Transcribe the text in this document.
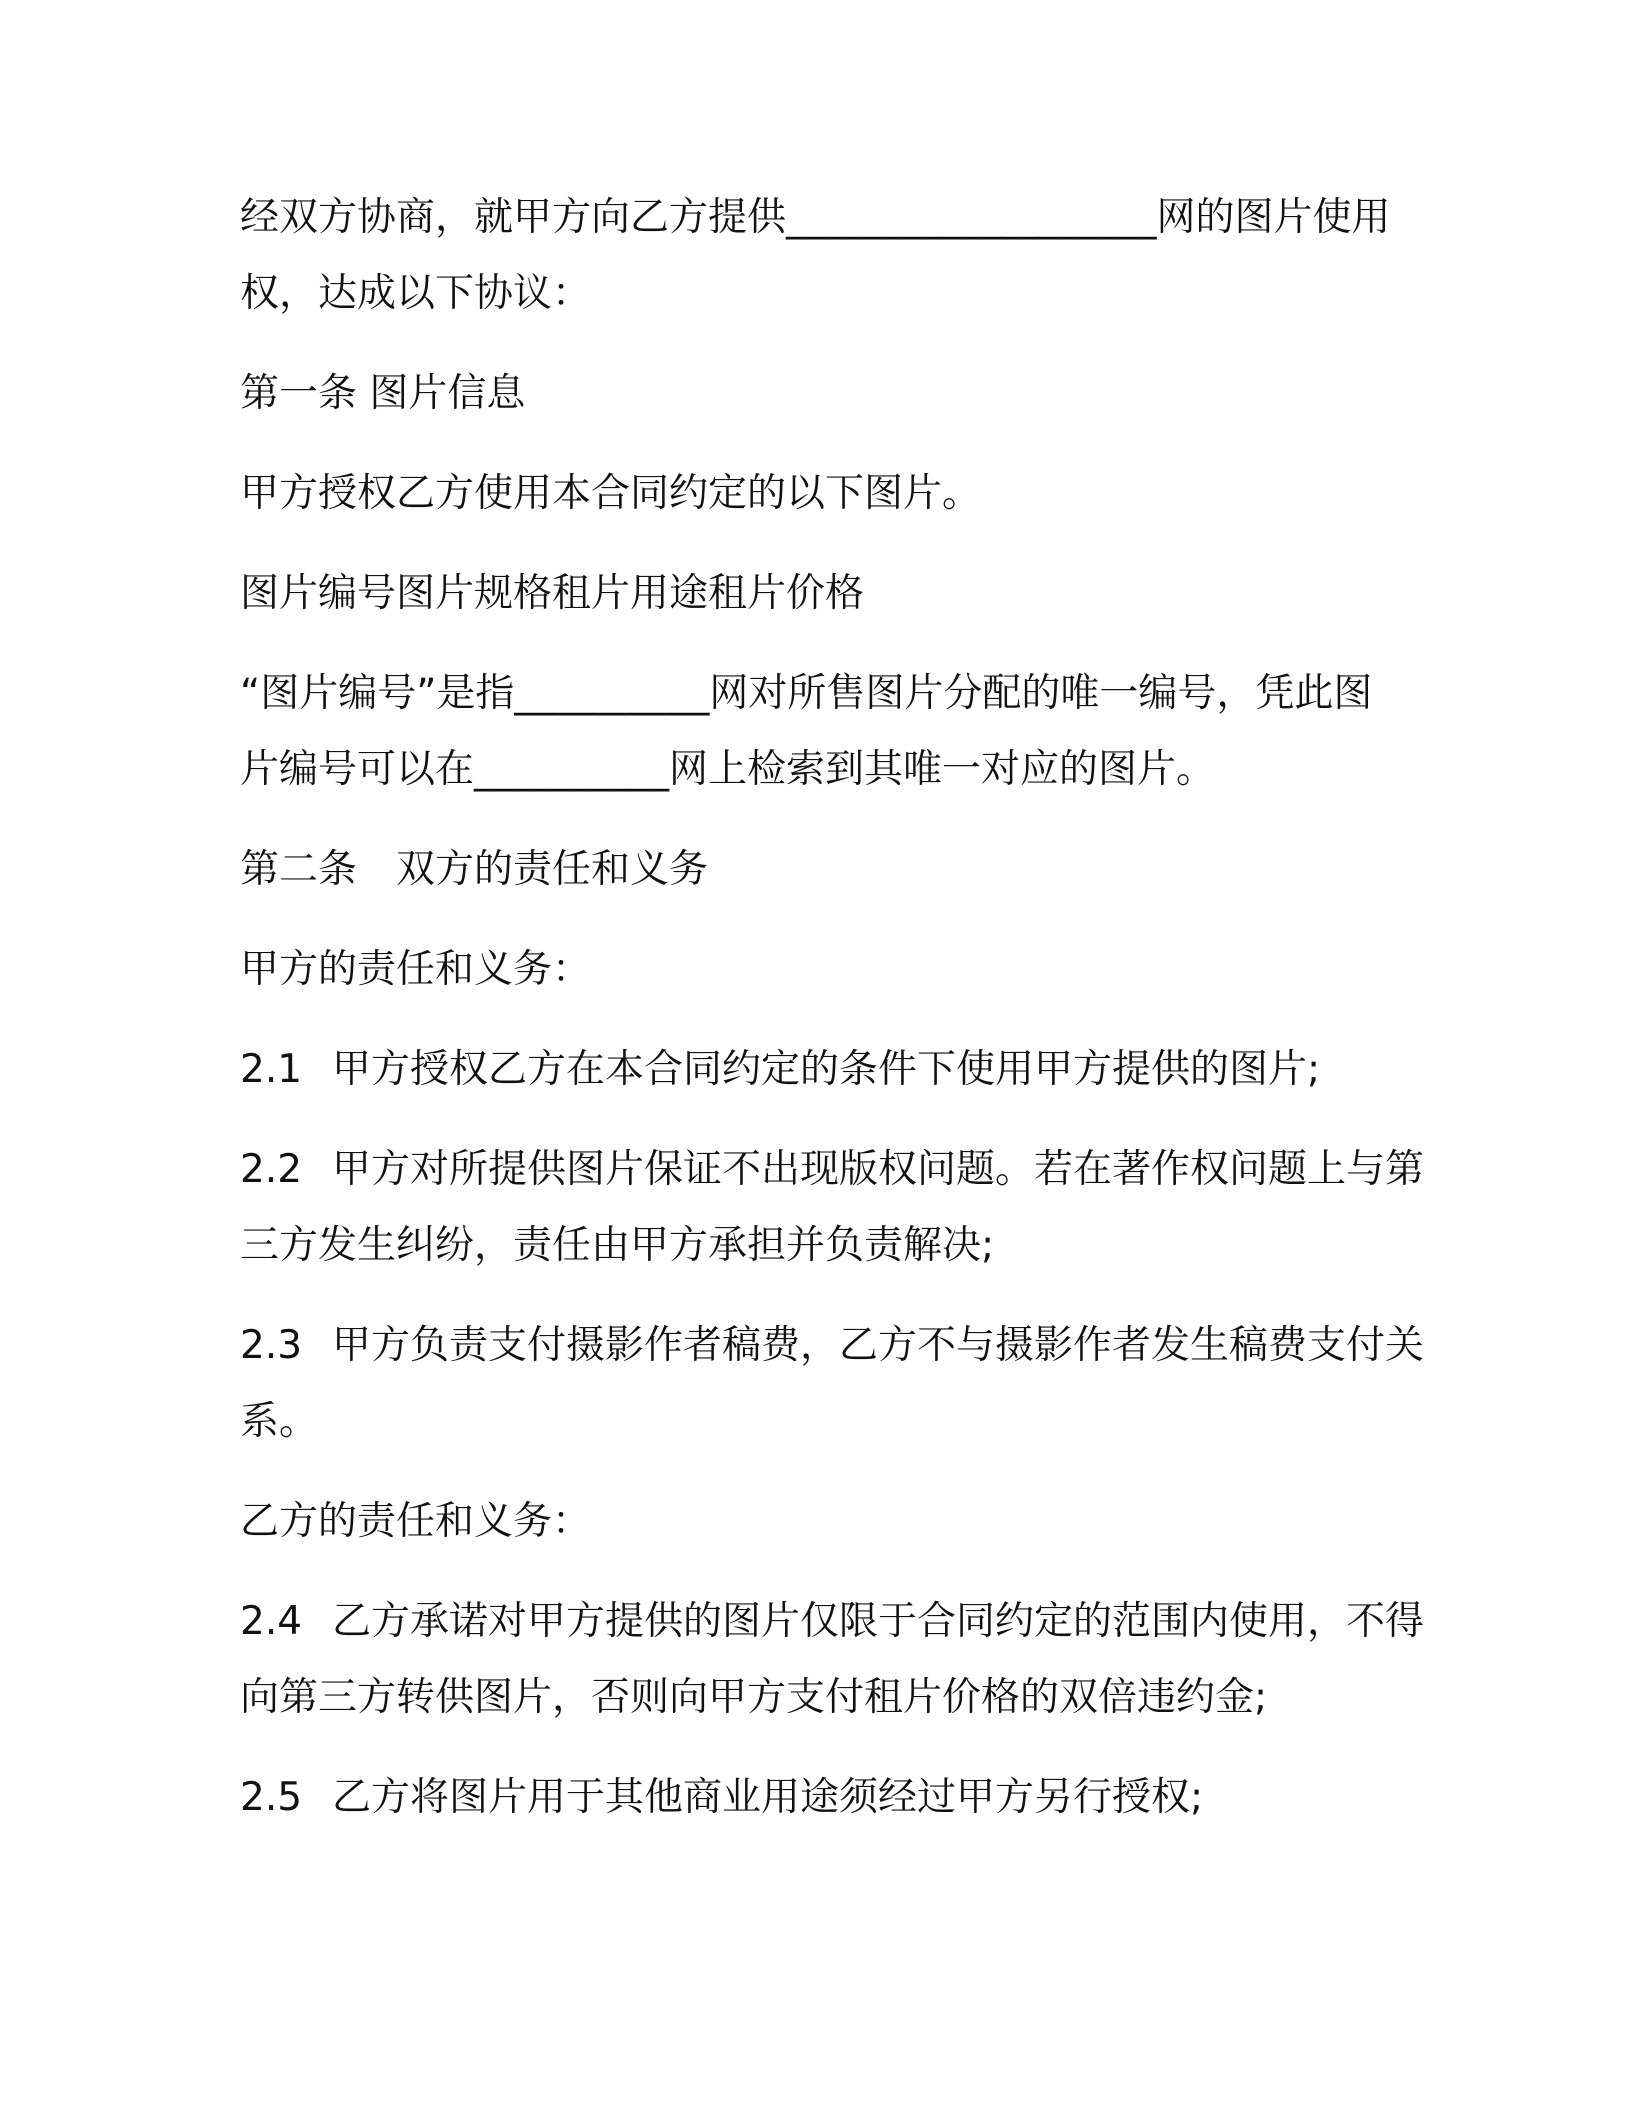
经双方协商，就甲方向乙方提供___________________网的图片使用

权，达成以下协议：

第一条 图片信息

甲方授权乙方使用本合同约定的以下图片。

图片编号图片规格租片用途租片价格

“图片编号”是指__________网对所售图片分配的唯一编号，凭此图

片编号可以在__________网上检索到其唯一对应的图片。

第二条　双方的责任和义务

甲方的责任和义务：

2.1 甲方授权乙方在本合同约定的条件下使用甲方提供的图片;

2.2 甲方对所提供图片保证不出现版权问题。若在著作权问题上与第

三方发生纠纷，责任由甲方承担并负责解决;

2.3 甲方负责支付摄影作者稿费，乙方不与摄影作者发生稿费支付关

系。

乙方的责任和义务：

2.4 乙方承诺对甲方提供的图片仅限于合同约定的范围内使用，不得

向第三方转供图片，否则向甲方支付租片价格的双倍违约金;

2.5 乙方将图片用于其他商业用途须经过甲方另行授权;
